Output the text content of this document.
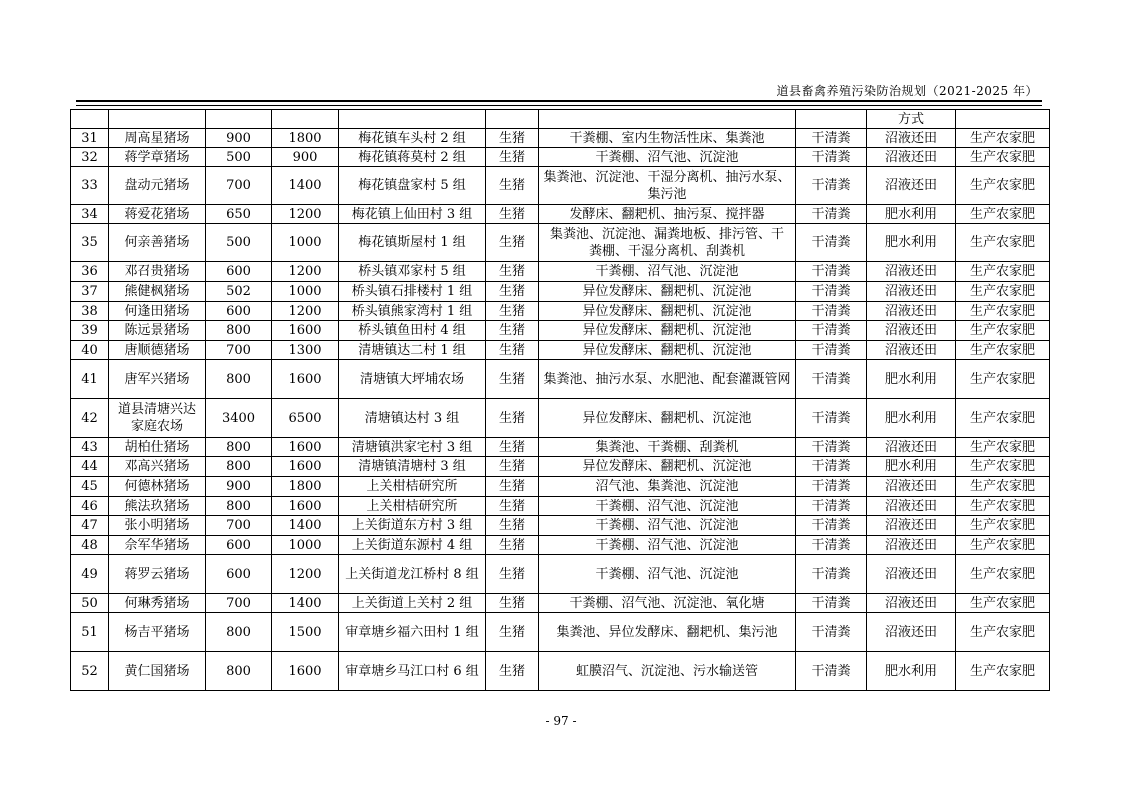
道县畜禽养殖污染防治规划（2021-2025 年）
								方式	
31	周高星猪场	900	1800	梅花镇车头村 2 组	生猪	干粪棚、室内生物活性床、集粪池	干清粪	沼液还田	生产农家肥
32	蒋学章猪场	500	900	梅花镇蒋莫村 2 组	生猪	干粪棚、沼气池、沉淀池	干清粪	沼液还田	生产农家肥
33	盘动元猪场	700	1400	梅花镇盘家村 5 组	生猪	集粪池、沉淀池、干湿分离机、抽污水泵、 集污池	干清粪	沼液还田	生产农家肥
34	蒋爱花猪场	650	1200	梅花镇上仙田村 3 组	生猪	发酵床、翻耙机、抽污泵、搅拌器	干清粪	肥水利用	生产农家肥
35	何亲善猪场	500	1000	梅花镇斯屋村 1 组	生猪	集粪池、沉淀池、漏粪地板、排污管、干 粪棚、干湿分离机、刮粪机	干清粪	肥水利用	生产农家肥
36	邓召贵猪场	600	1200	桥头镇邓家村 5 组	生猪	干粪棚、沼气池、沉淀池	干清粪	沼液还田	生产农家肥
37	熊健枫猪场	502	1000	桥头镇石排楼村 1 组	生猪	异位发酵床、翻耙机、沉淀池	干清粪	沼液还田	生产农家肥
38	何逢田猪场	600	1200	桥头镇熊家湾村 1 组	生猪	异位发酵床、翻耙机、沉淀池	干清粪	沼液还田	生产农家肥
39	陈远景猪场	800	1600	桥头镇鱼田村 4 组	生猪	异位发酵床、翻耙机、沉淀池	干清粪	沼液还田	生产农家肥
40	唐顺德猪场	700	1300	清塘镇达二村 1 组	生猪	异位发酵床、翻耙机、沉淀池	干清粪	沼液还田	生产农家肥
41	唐军兴猪场	800	1600	清塘镇大坪埔农场	生猪	集粪池、抽污水泵、水肥池、配套灌溉管网	干清粪	肥水利用	生产农家肥
42	道县清塘兴达家庭农场	3400	6500	清塘镇达村 3 组	生猪	异位发酵床、翻耙机、沉淀池	干清粪	肥水利用	生产农家肥
43	胡柏仕猪场	800	1600	清塘镇洪家宅村 3 组	生猪	集粪池、干粪棚、刮粪机	干清粪	沼液还田	生产农家肥
44	邓高兴猪场	800	1600	清塘镇清塘村 3 组	生猪	异位发酵床、翻耙机、沉淀池	干清粪	肥水利用	生产农家肥
45	何德林猪场	900	1800	上关柑桔研究所	生猪	沼气池、集粪池、沉淀池	干清粪	沼液还田	生产农家肥
46	熊法玖猪场	800	1600	上关柑桔研究所	生猪	干粪棚、沼气池、沉淀池	干清粪	沼液还田	生产农家肥
47	张小明猪场	700	1400	上关街道东方村 3 组	生猪	干粪棚、沼气池、沉淀池	干清粪	沼液还田	生产农家肥
48	佘军华猪场	600	1000	上关街道东源村 4 组	生猪	干粪棚、沼气池、沉淀池	干清粪	沼液还田	生产农家肥
49	蒋罗云猪场	600	1200	上关街道龙江桥村 8 组	生猪	干粪棚、沼气池、沉淀池	干清粪	沼液还田	生产农家肥
50	何琳秀猪场	700	1400	上关街道上关村 2 组	生猪	干粪棚、沼气池、沉淀池、氧化塘	干清粪	沼液还田	生产农家肥
51	杨吉平猪场	800	1500	审章塘乡福六田村 1 组	生猪	集粪池、异位发酵床、翻耙机、集污池	干清粪	沼液还田	生产农家肥
52	黄仁国猪场	800	1600	审章塘乡马江口村 6 组	生猪	虹膜沼气、沉淀池、污水输送管	干清粪	肥水利用	生产农家肥
- 97 -
